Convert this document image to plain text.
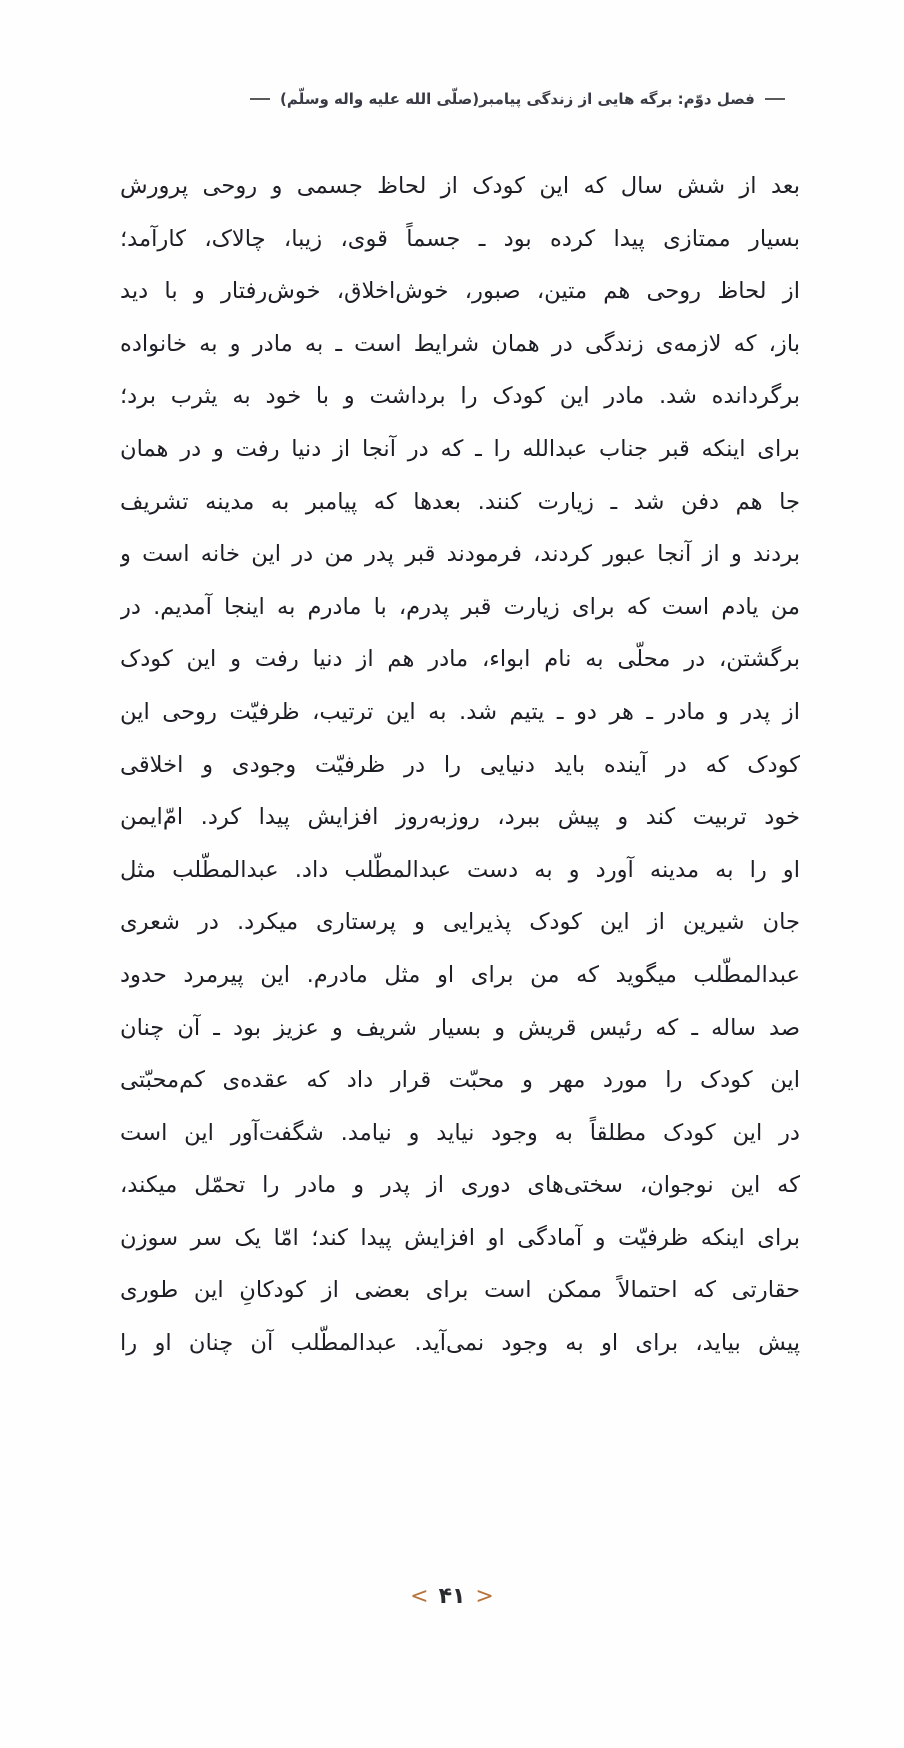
فصل دوّم: برگه هایی از زندگی پیامبر(صلّی الله علیه واله وسلّم)
بعد از شش سال که این کودک از لحاظ جسمی و روحی پرورش
بسیار ممتازی پیدا کرده بود ـ جسماً قوی، زیبا، چالاک، کارآمد؛
از لحاظ روحی هم متین، صبور، خوش‌اخلاق، خوش‌رفتار و با دید
باز، که لازمه‌ی زندگی در همان شرایط است ـ به مادر و به خانواده
برگردانده شد. مادر این کودک را برداشت و با خود به یثرب برد؛
برای اینکه قبر جناب عبدالله را ـ که در آنجا از دنیا رفت و در همان
جا هم دفن شد ـ زیارت کنند. بعدها که پیامبر به مدینه تشریف
بردند و از آنجا عبور کردند، فرمودند قبر پدر من در این خانه است و
من یادم است که برای زیارت قبر پدرم، با مادرم به اینجا آمدیم. در
برگشتن، در محلّی به نام ابواء، مادر هم از دنیا رفت و این کودک
از پدر و مادر ـ هر دو ـ یتیم شد. به این ترتیب، ظرفیّت روحی این
کودک که در آینده باید دنیایی را در ظرفیّت وجودی و اخلاقی
خود تربیت کند و پیش ببرد، روزبه‌روز افزایش پیدا کرد. امّ‌ایمن
او را به مدینه آورد و به دست عبدالمطّلب داد. عبدالمطّلب مثل
جان شیرین از این کودک پذیرایی و پرستاری میکرد. در شعری
عبدالمطّلب میگوید که من برای او مثل مادرم. این پیرمرد حدود
صد ساله ـ که رئیس قریش و بسیار شریف و عزیز بود ـ آن چنان
این کودک را مورد مهر و محبّت قرار داد که عقده‌ی کم‌محبّتی
در این کودک مطلقاً به وجود نیاید و نیامد. شگفت‌آور این است
که این نوجوان، سختی‌های دوری از پدر و مادر را تحمّل میکند،
برای اینکه ظرفیّت و آمادگی او افزایش پیدا کند؛ امّا یک سر سوزن
حقارتی که احتمالاً ممکن است برای بعضی از کودکانِ این طوری
پیش بیاید، برای او به وجود نمی‌آید. عبدالمطّلب آن چنان او را
< ۴۱ >
